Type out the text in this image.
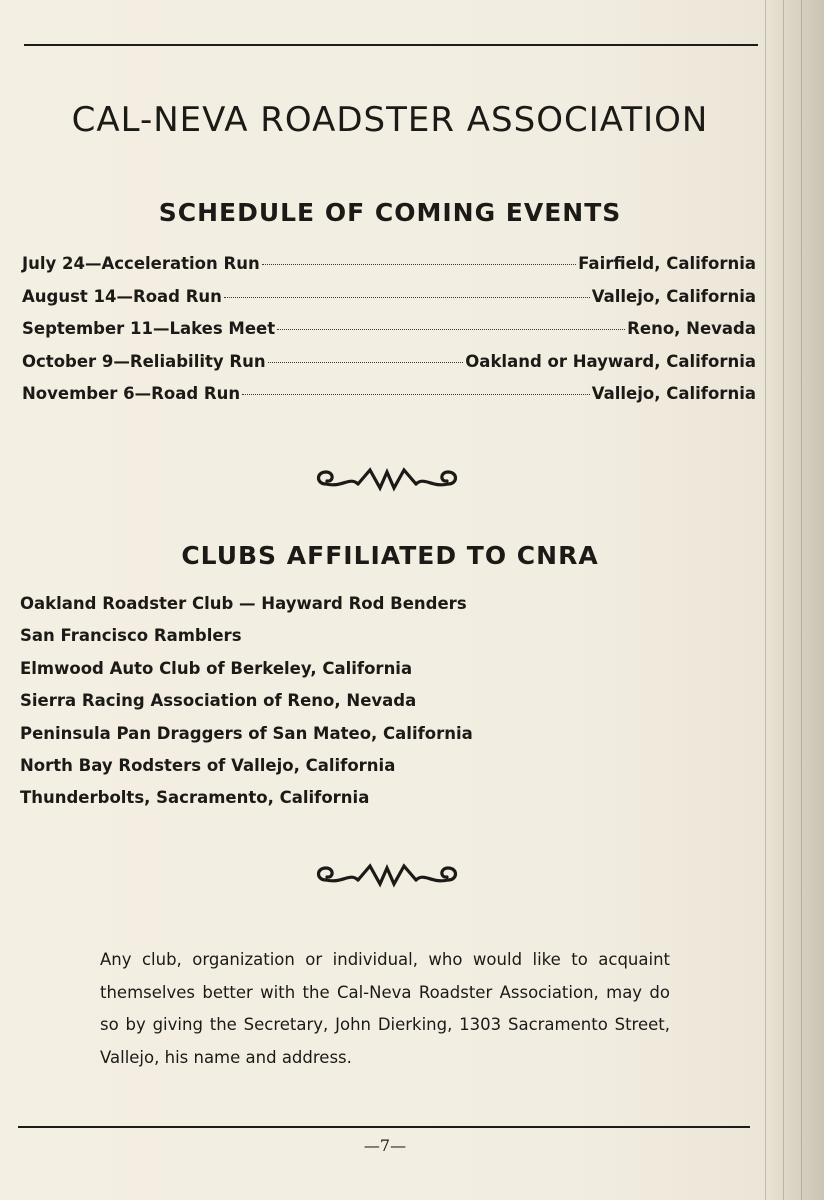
CAL-NEVA ROADSTER ASSOCIATION
SCHEDULE OF COMING EVENTS
July 24—Acceleration Run	Fairfield, California
August 14—Road Run	Vallejo, California
September 11—Lakes Meet	Reno, Nevada
October 9—Reliability Run	Oakland or Hayward, California
November 6—Road Run	Vallejo, California
CLUBS AFFILIATED TO CNRA
Oakland Roadster Club — Hayward Rod Benders
San Francisco Ramblers
Elmwood Auto Club of Berkeley, California
Sierra Racing Association of Reno, Nevada
Peninsula Pan Draggers of San Mateo, California
North Bay Rodsters of Vallejo, California
Thunderbolts, Sacramento, California

Any club, organization or individual, who would like to acquaint themselves better with the Cal-Neva Roadster Association, may do so by giving the Secretary, John Dierking, 1303 Sacramento Street, Vallejo, his name and address.

—7—
